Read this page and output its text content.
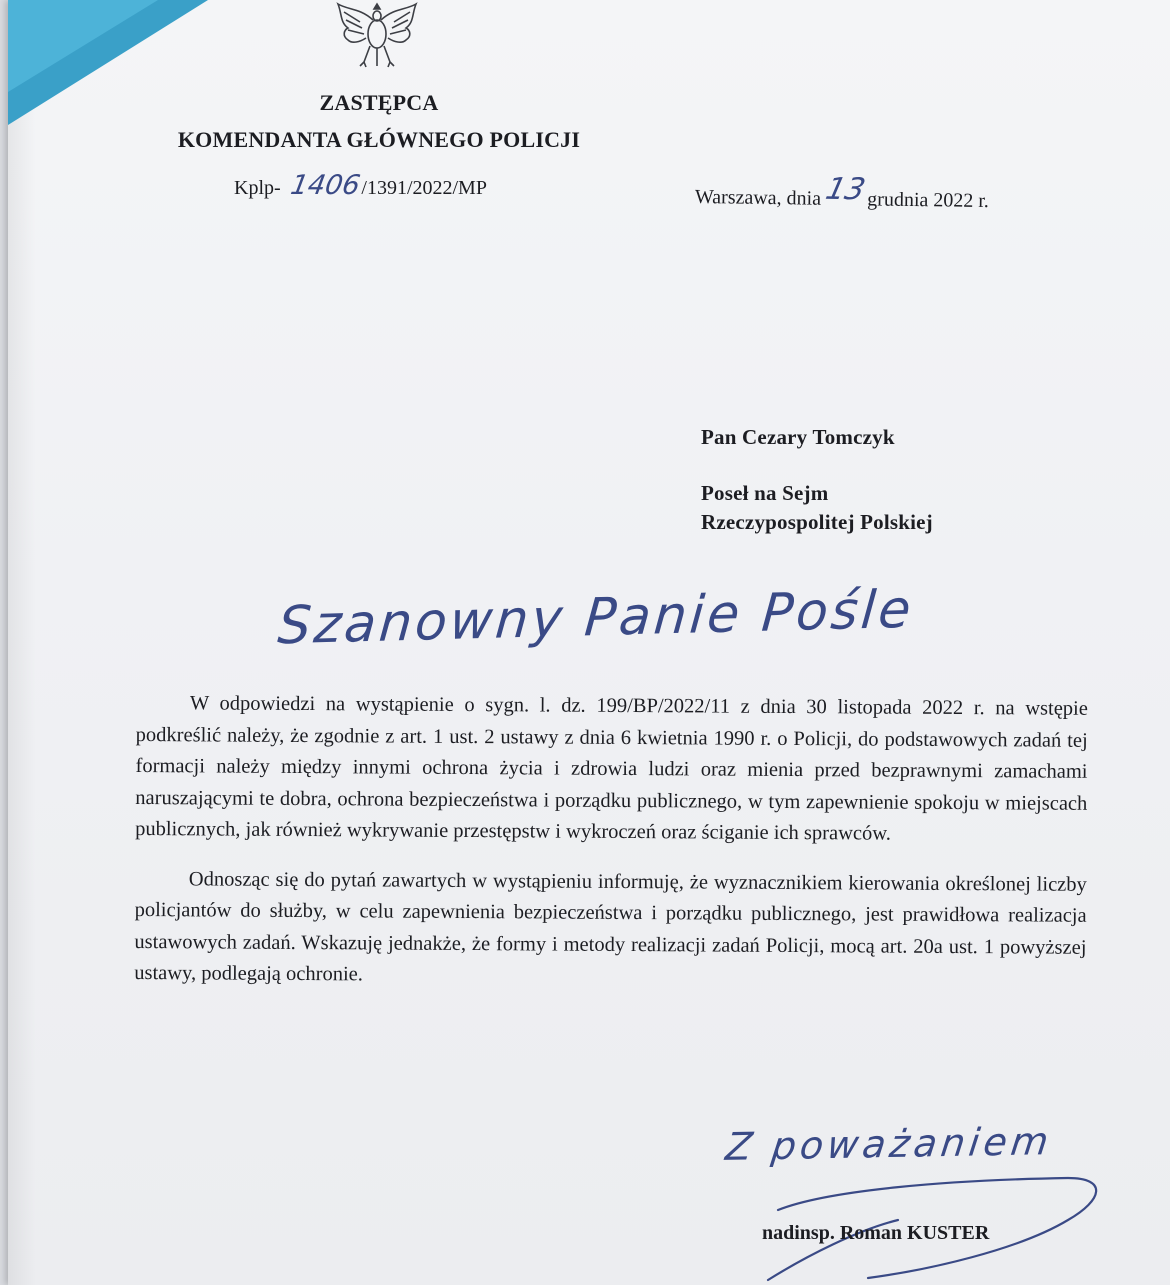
ZASTĘPCA
KOMENDANTA GŁÓWNEGO POLICJI
Kplp- 1406 /1391/2022/MP	Warszawa, dnia 13
grudnia 2022 r.
Pan Cezary Tomczyk
Poseł na Sejm
Rzeczypospolitej Polskiej
Szanowny Panie Pośle

W odpowiedzi na wystąpienie o sygn. l. dz. 199/BP/2022/11 z dnia 30 listopada 2022 r. na wstępie podkreślić należy, że zgodnie z art. 1 ust. 2 ustawy z dnia 6 kwietnia 1990 r. o Policji, do podstawowych zadań tej formacji należy między innymi ochrona życia i zdrowia ludzi oraz mienia przed bezprawnymi zamachami naruszającymi te dobra, ochrona bezpieczeństwa i porządku publicznego, w tym zapewnienie spokoju w miejscach publicznych, jak również wykrywanie przestępstw i wykroczeń oraz ściganie ich sprawców.

Odnosząc się do pytań zawartych w wystąpieniu informuję, że wyznacznikiem kierowania określonej liczby policjantów do służby, w celu zapewnienia bezpieczeństwa i porządku publicznego, jest prawidłowa realizacja ustawowych zadań. Wskazuję jednakże, że formy i metody realizacji zadań Policji, mocą art. 20a ust. 1 powyższej ustawy, podlegają ochronie.

Z poważaniem
nadinsp. Roman KUSTER
